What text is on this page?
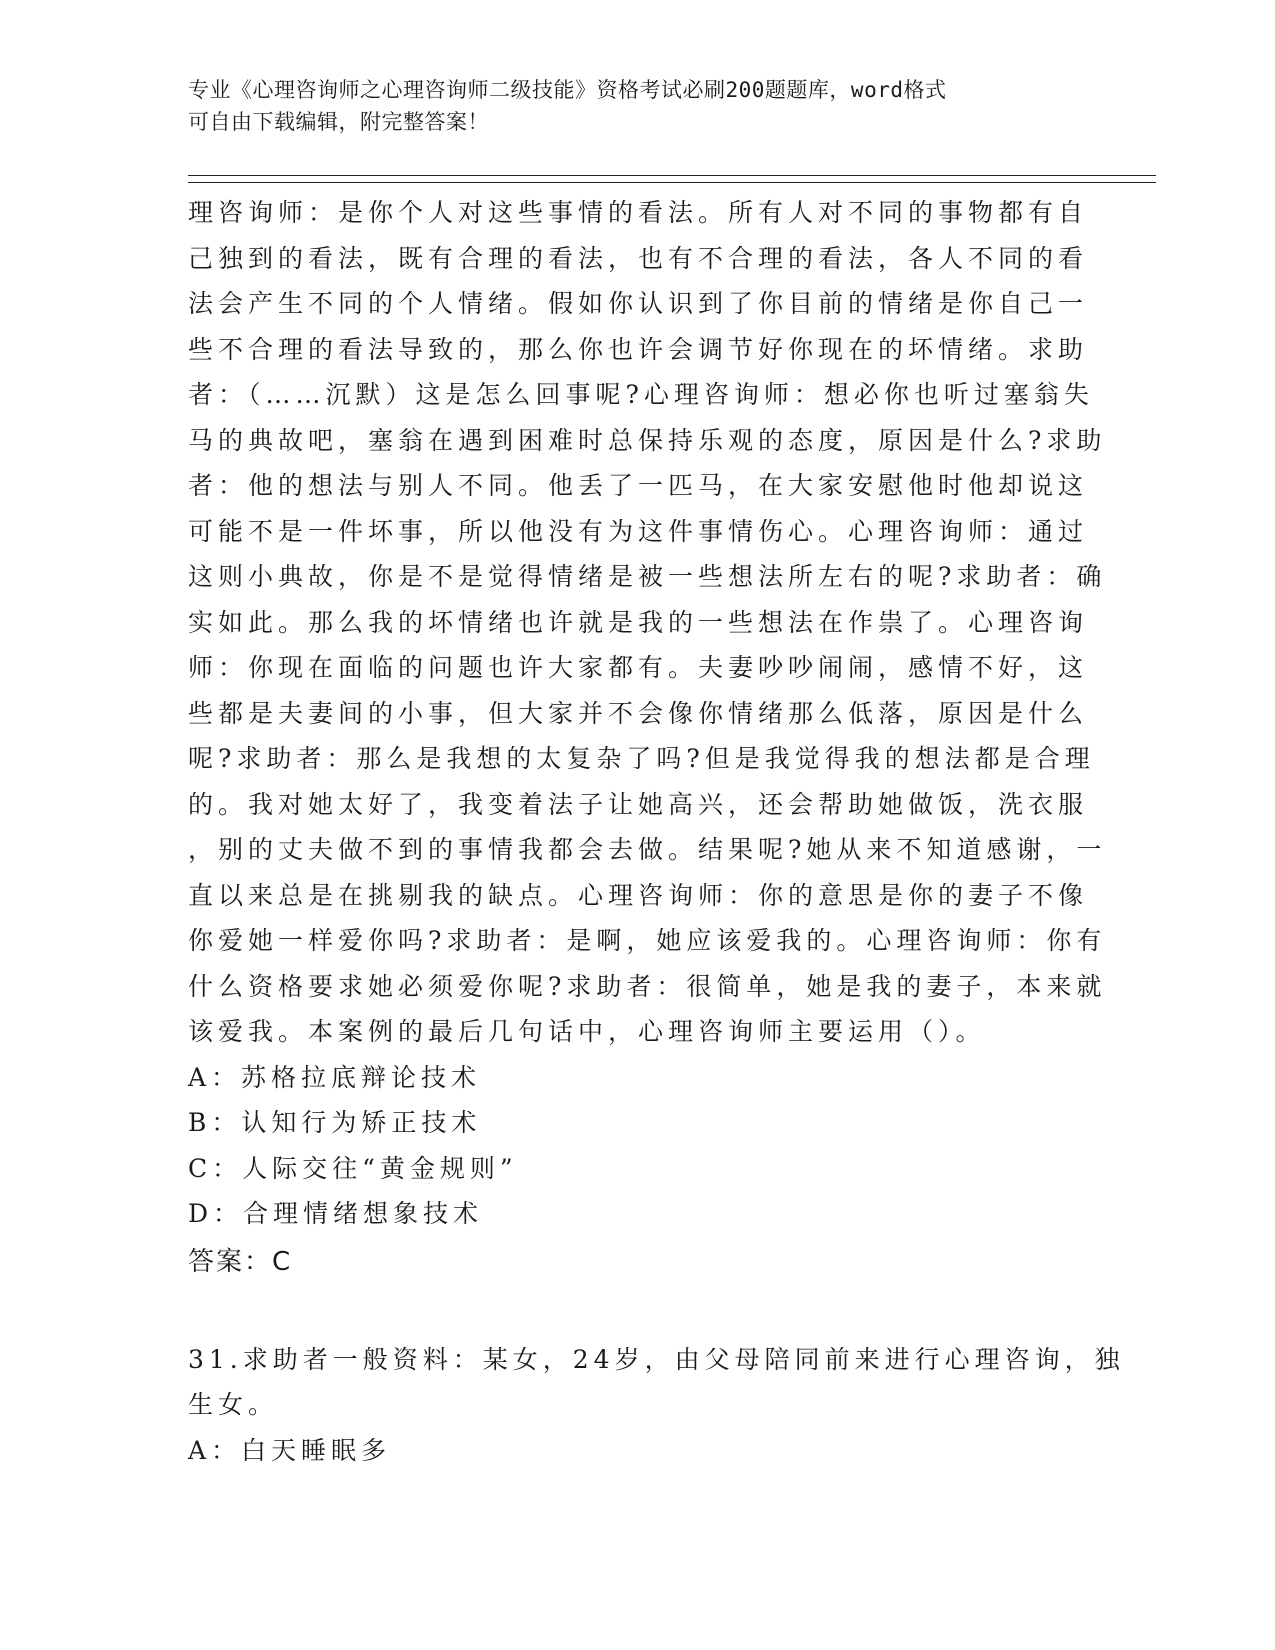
专业《心理咨询师之心理咨询师二级技能》资格考试必刷200题题库，word格式
可自由下载编辑，附完整答案！
理咨询师：是你个人对这些事情的看法。所有人对不同的事物都有自
己独到的看法，既有合理的看法，也有不合理的看法，各人不同的看
法会产生不同的个人情绪。假如你认识到了你目前的情绪是你自己一
些不合理的看法导致的，那么你也许会调节好你现在的坏情绪。求助
者：（……沉默）这是怎么回事呢?心理咨询师：想必你也听过塞翁失
马的典故吧，塞翁在遇到困难时总保持乐观的态度，原因是什么?求助
者：他的想法与别人不同。他丢了一匹马，在大家安慰他时他却说这
可能不是一件坏事，所以他没有为这件事情伤心。心理咨询师：通过
这则小典故，你是不是觉得情绪是被一些想法所左右的呢?求助者：确
实如此。那么我的坏情绪也许就是我的一些想法在作祟了。心理咨询
师：你现在面临的问题也许大家都有。夫妻吵吵闹闹，感情不好，这
些都是夫妻间的小事，但大家并不会像你情绪那么低落，原因是什么
呢?求助者：那么是我想的太复杂了吗?但是我觉得我的想法都是合理
的。我对她太好了，我变着法子让她高兴，还会帮助她做饭，洗衣服
，别的丈夫做不到的事情我都会去做。结果呢?她从来不知道感谢，一
直以来总是在挑剔我的缺点。心理咨询师：你的意思是你的妻子不像
你爱她一样爱你吗?求助者：是啊，她应该爱我的。心理咨询师：你有
什么资格要求她必须爱你呢?求助者：很简单，她是我的妻子，本来就
该爱我。本案例的最后几句话中，心理咨询师主要运用（）。
A：苏格拉底辩论技术
B：认知行为矫正技术
C：人际交往“黄金规则”
D：合理情绪想象技术
答案：C
31.求助者一般资料：某女，24岁，由父母陪同前来进行心理咨询，独
生女。
A：白天睡眠多
